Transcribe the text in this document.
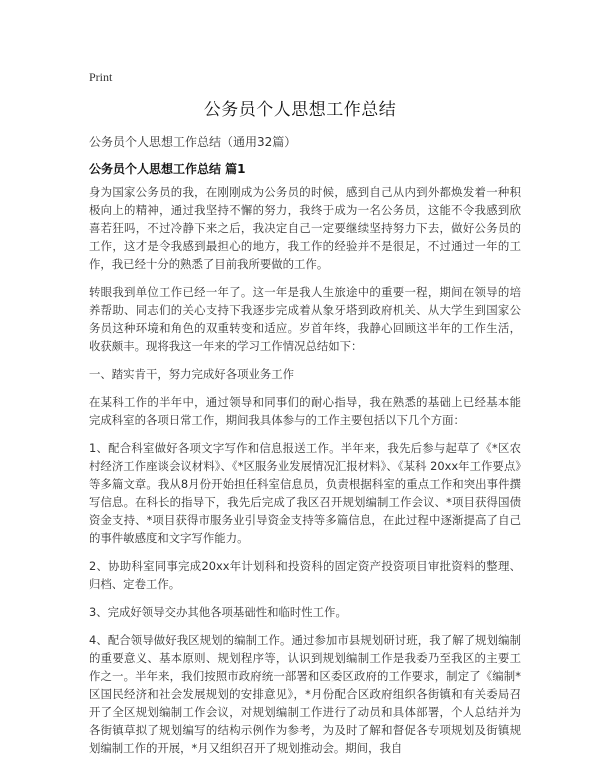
Print
公务员个人思想工作总结
公务员个人思想工作总结（通用32篇）
公务员个人思想工作总结 篇1

身为国家公务员的我，在刚刚成为公务员的时候，感到自己从内到外都焕发着一种积极向上的精神，通过我坚持不懈的努力，我终于成为一名公务员，这能不令我感到欣喜若狂吗，不过冷静下来之后，我决定自己一定要继续坚持努力下去，做好公务员的工作，这才是令我感到最担心的地方，我工作的经验并不是很足，不过通过一年的工作，我已经十分的熟悉了目前我所要做的工作。

转眼我到单位工作已经一年了。这一年是我人生旅途中的重要一程，期间在领导的培养帮助、同志们的关心支持下我逐步完成着从象牙塔到政府机关、从大学生到国家公务员这种环境和角色的双重转变和适应。岁首年终，我静心回顾这半年的工作生活，收获颇丰。现将我这一年来的学习工作情况总结如下：

一、踏实肯干，努力完成好各项业务工作

在某科工作的半年中，通过领导和同事们的耐心指导，我在熟悉的基础上已经基本能完成科室的各项日常工作，期间我具体参与的工作主要包括以下几个方面：

1、配合科室做好各项文字写作和信息报送工作。半年来，我先后参与起草了《*区农村经济工作座谈会议材料》、《*区服务业发展情况汇报材料》、《某科 20xx年工作要点》等多篇文章。我从8月份开始担任科室信息员，负责根据科室的重点工作和突出事件撰写信息。在科长的指导下，我先后完成了我区召开规划编制工作会议、*项目获得国债资金支持、*项目获得市服务业引导资金支持等多篇信息，在此过程中逐渐提高了自己的事件敏感度和文字写作能力。

2、协助科室同事完成20xx年计划科和投资科的固定资产投资项目审批资料的整理、归档、定卷工作。

3、完成好领导交办其他各项基础性和临时性工作。

4、配合领导做好我区规划的编制工作。通过参加市县规划研讨班，我了解了规划编制的重要意义、基本原则、规划程序等，认识到规划编制工作是我委乃至我区的主要工作之一。半年来，我们按照市政府统一部署和区委区政府的工作要求，制定了《编制*区国民经济和社会发展规划的安排意见》，*月份配合区政府组织各街镇和有关委局召开了全区规划编制工作会议，对规划编制工作进行了动员和具体部署，个人总结并为各街镇草拟了规划编写的结构示例作为参考，为及时了解和督促各专项规划及街镇规划编制工作的开展，*月又组织召开了规划推动会。期间，我自
